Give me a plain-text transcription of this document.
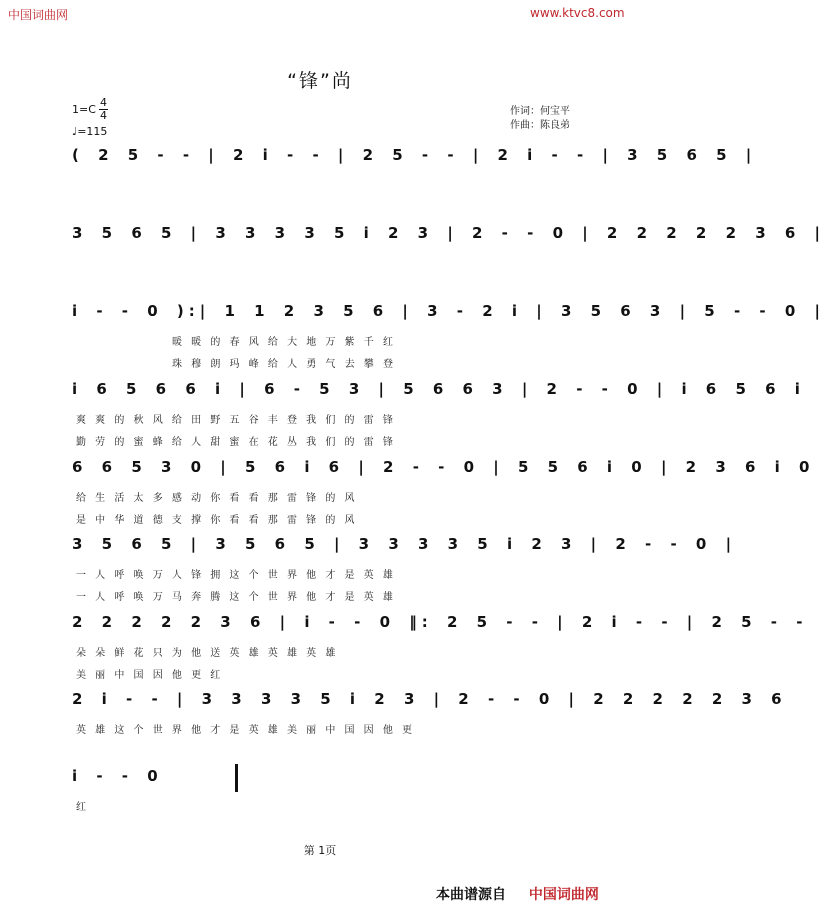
中国词曲网	www.ktvc8.com
“锋”尚
1=C
4
4
♩=115
作词：何宝平
作曲：陈良弟
( 2 5 - - | 2 i - - | 2 5 - - | 2 i - - | 3 5 6 5 |
3 5 6 5 | 3 3 3 3 5 i 2 3 | 2 - - 0 | 2 2 2 2 2 3 6 |
i - - 0 ):| 1 1 2 3 5 6 | 3 - 2 i | 3 5 6 3 | 5 - - 0 |
暖 暖 的 春 风 给 大 地 万 紫 千 红
珠 穆 朗 玛 峰 给 人 勇 气 去 攀 登
i 6 5 6 6 i | 6 - 5 3 | 5 6 6 3 | 2 - - 0 | i 6 5 6 i
爽 爽 的 秋 风 给 田 野 五 谷 丰 登 我 们 的 雷 锋
勤 劳 的 蜜 蜂 给 人 甜 蜜 在 花 丛 我 们 的 雷 锋
6 6 5 3 0 | 5 6 i 6 | 2 - - 0 | 5 5 6 i 0 | 2 3 6 i 0
给 生 活 太 多 感 动 你 看 看 那 雷 锋 的 风
是 中 华 道 德 支 撑 你 看 看 那 雷 锋 的 风
3 5 6 5 | 3 5 6 5 | 3 3 3 3 5 i 2 3 | 2 - - 0 |
一 人 呼 唤 万 人 锋 拥 这 个 世 界 他 才 是 英 雄
一 人 呼 唤 万 马 奔 腾 这 个 世 界 他 才 是 英 雄
2 2 2 2 2 3 6 | i - - 0 ‖: 2 5 - - | 2 i - - | 2 5 - -
朵 朵 鲜 花 只 为 他 送 英 雄 英 雄 英 雄
美 丽 中 国 因 他 更 红
2 i - - | 3 3 3 3 5 i 2 3 | 2 - - 0 | 2 2 2 2 2 3 6
英 雄 这 个 世 界 他 才 是 英 雄 美 丽 中 国 因 他 更
i - - 0
红
第 1页
本曲谱源自 中国词曲网
